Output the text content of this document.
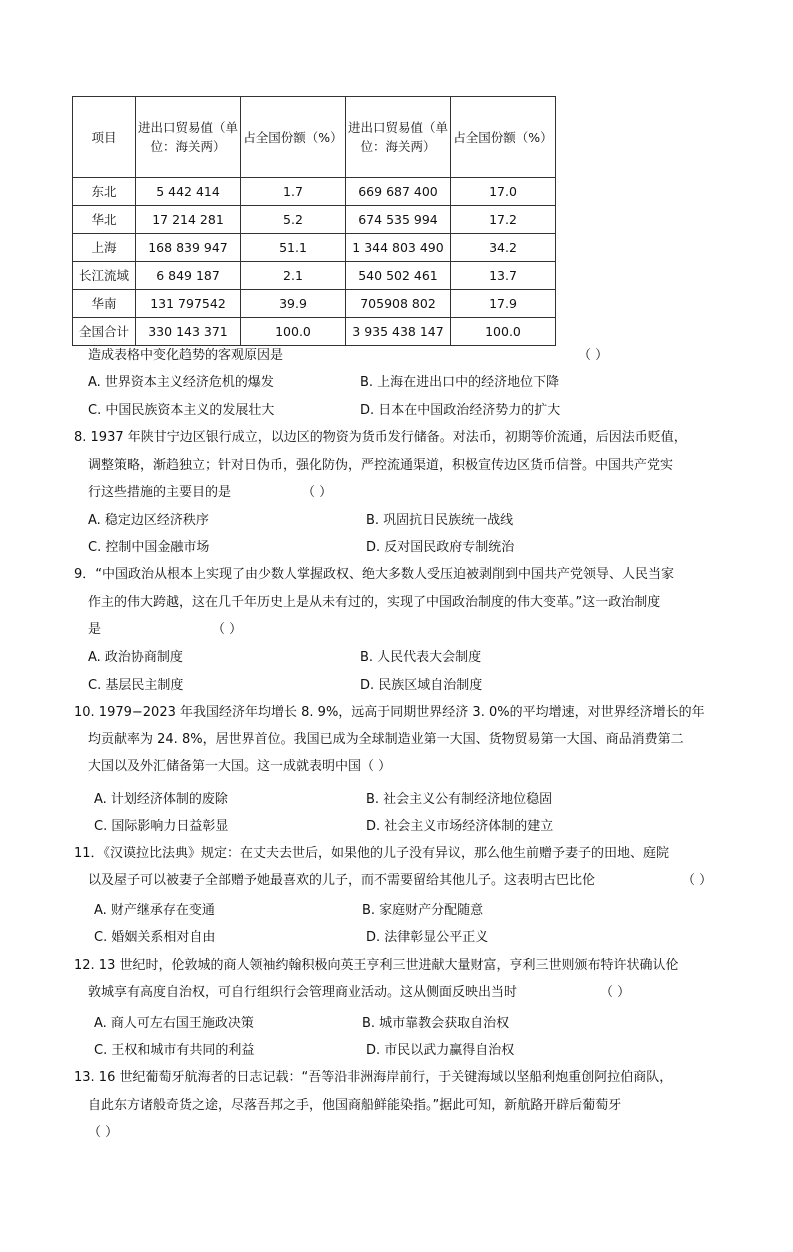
项目	进出口贸易值（单位：海关两）	占全国份额（%）	进出口贸易值（单位：海关两）	占全国份额（%）
东北	5 442 414	1.7	669 687 400	17.0
华北	17 214 281	5.2	674 535 994	17.2
上海	168 839 947	51.1	1 344 803 490	34.2
长江流域	6 849 187	2.1	540 502 461	13.7
华南	131 797542	39.9	705908 802	17.9
全国合计	330 143 371	100.0	3 935 438 147	100.0
造成表格中变化趋势的客观原因是	（ ）
A. 世界资本主义经济危机的爆发	B. 上海在进出口中的经济地位下降
C. 中国民族资本主义的发展壮大	D. 日本在中国政治经济势力的扩大
8. 1937 年陕甘宁边区银行成立，以边区的物资为货币发行储备。对法币，初期等价流通，后因法币贬值，
调整策略，渐趋独立；针对日伪币，强化防伪，严控流通渠道，积极宣传边区货币信誉。中国共产党实
行这些措施的主要目的是	（ ）
A. 稳定边区经济秩序	B. 巩固抗日民族统一战线
C. 控制中国金融市场	D. 反对国民政府专制统治
9．“中国政治从根本上实现了由少数人掌握政权、绝大多数人受压迫被剥削到中国共产党领导、人民当家
作主的伟大跨越，这在几千年历史上是从未有过的，实现了中国政治制度的伟大变革。”这一政治制度
是	（ ）
A. 政治协商制度	B. 人民代表大会制度
C. 基层民主制度	D. 民族区域自治制度
10. 1979−2023 年我国经济年均增长 8. 9%，远高于同期世界经济 3. 0%的平均增速，对世界经济增长的年
均贡献率为 24. 8%，居世界首位。我国已成为全球制造业第一大国、货物贸易第一大国、商品消费第二
大国以及外汇储备第一大国。这一成就表明中国（ ）
A. 计划经济体制的废除	B. 社会主义公有制经济地位稳固
C. 国际影响力日益彰显	D. 社会主义市场经济体制的建立
11．《汉谟拉比法典》规定：在丈夫去世后，如果他的儿子没有异议，那么他生前赠予妻子的田地、庭院
以及屋子可以被妻子全部赠予她最喜欢的儿子，而不需要留给其他儿子。这表明古巴比伦	（ ）
A. 财产继承存在变通	B. 家庭财产分配随意
C. 婚姻关系相对自由	D. 法律彰显公平正义
12. 13 世纪时，伦敦城的商人领袖约翰积极向英王亨利三世进献大量财富，亨利三世则颁布特许状确认伦
敦城享有高度自治权，可自行组织行会管理商业活动。这从侧面反映出当时	（ ）
A. 商人可左右国王施政决策	B. 城市靠教会获取自治权
C. 王权和城市有共同的利益	D. 市民以武力赢得自治权
13. 16 世纪葡萄牙航海者的日志记载：“吾等沿非洲海岸前行，于关键海域以坚船利炮重创阿拉伯商队，
自此东方诸般奇货之途，尽落吾邦之手，他国商船鲜能染指。”据此可知，新航路开辟后葡萄牙
（ ）
